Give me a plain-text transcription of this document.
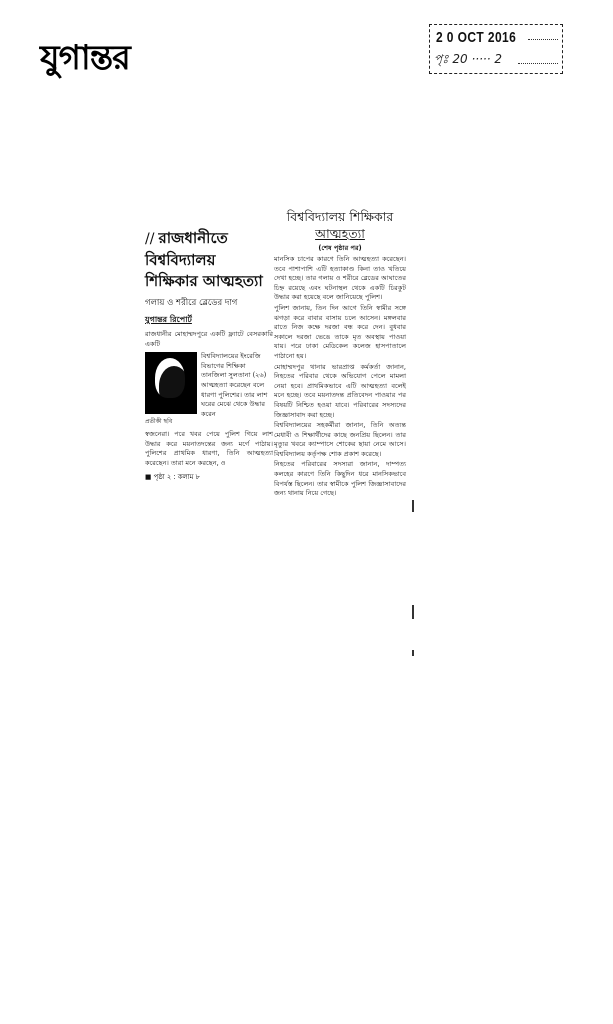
যুগান্তর
2 0 OCT 2016
পৃঃ 20 ····· 2
// রাজধানীতে
বিশ্ববিদ্যালয়
শিক্ষিকার আত্মহত্যা
গলায় ও শরীরে ব্লেডের দাগ
যুগান্তর রিপোর্ট
রাজধানীর মোহাম্মদপুরে একটি ফ্ল্যাটে বেসরকারি একটি
প্রতীকী ছবি
বিশ্ববিদ্যালয়ের ইংরেজি বিভাগের শিক্ষিকা তানজিলা সুলতানা (২৬) আত্মহত্যা করেছেন বলে ধারণা পুলিশের। তার লাশ ঘরের মেঝে থেকে উদ্ধার করেন
স্বজনেরা। পরে খবর পেয়ে পুলিশ গিয়ে লাশ উদ্ধার করে ময়নাতদন্তের জন্য মর্গে পাঠায়। পুলিশের প্রাথমিক ধারণা, তিনি আত্মহত্যা করেছেন। তারা মনে করছেন, ও
■ পৃষ্ঠা ২ : কলাম ৮
বিশ্ববিদ্যালয় শিক্ষিকার
আত্মহত্যা
(শেষ পৃষ্ঠার পর)
মানসিক চাপের কারণে তিনি আত্মহত্যা করেছেন। তবে পাশাপাশি এটি হত্যাকাণ্ড কিনা তাও খতিয়ে দেখা হচ্ছে। তার গলায় ও শরীরে ব্লেডের আঘাতের চিহ্ন রয়েছে এবং ঘটনাস্থল থেকে একটি চিরকুট উদ্ধার করা হয়েছে বলে জানিয়েছে পুলিশ।
পুলিশ জানায়, তিন দিন আগে তিনি স্বামীর সঙ্গে ঝগড়া করে বাবার বাসায় চলে আসেন। মঙ্গলবার রাতে নিজ কক্ষে দরজা বন্ধ করে দেন। বুধবার সকালে দরজা ভেঙে তাকে মৃত অবস্থায় পাওয়া যায়। পরে ঢাকা মেডিকেল কলেজ হাসপাতালে পাঠানো হয়।
মোহাম্মদপুর থানার ভারপ্রাপ্ত কর্মকর্তা জানান, নিহতের পরিবার থেকে অভিযোগ পেলে মামলা নেয়া হবে। প্রাথমিকভাবে এটি আত্মহত্যা বলেই মনে হচ্ছে। তবে ময়নাতদন্ত প্রতিবেদন পাওয়ার পর বিষয়টি নিশ্চিত হওয়া যাবে। পরিবারের সদস্যদের জিজ্ঞাসাবাদ করা হচ্ছে।
বিশ্ববিদ্যালয়ের সহকর্মীরা জানান, তিনি অত্যন্ত মেধাবী ও শিক্ষার্থীদের কাছে জনপ্রিয় ছিলেন। তার মৃত্যুর খবরে ক্যাম্পাসে শোকের ছায়া নেমে আসে। বিশ্ববিদ্যালয় কর্তৃপক্ষ শোক প্রকাশ করেছে।
নিহতের পরিবারের সদস্যরা জানান, দাম্পত্য কলহের কারণে তিনি কিছুদিন ধরে মানসিকভাবে বিপর্যস্ত ছিলেন। তার স্বামীকে পুলিশ জিজ্ঞাসাবাদের জন্য থানায় নিয়ে গেছে।
